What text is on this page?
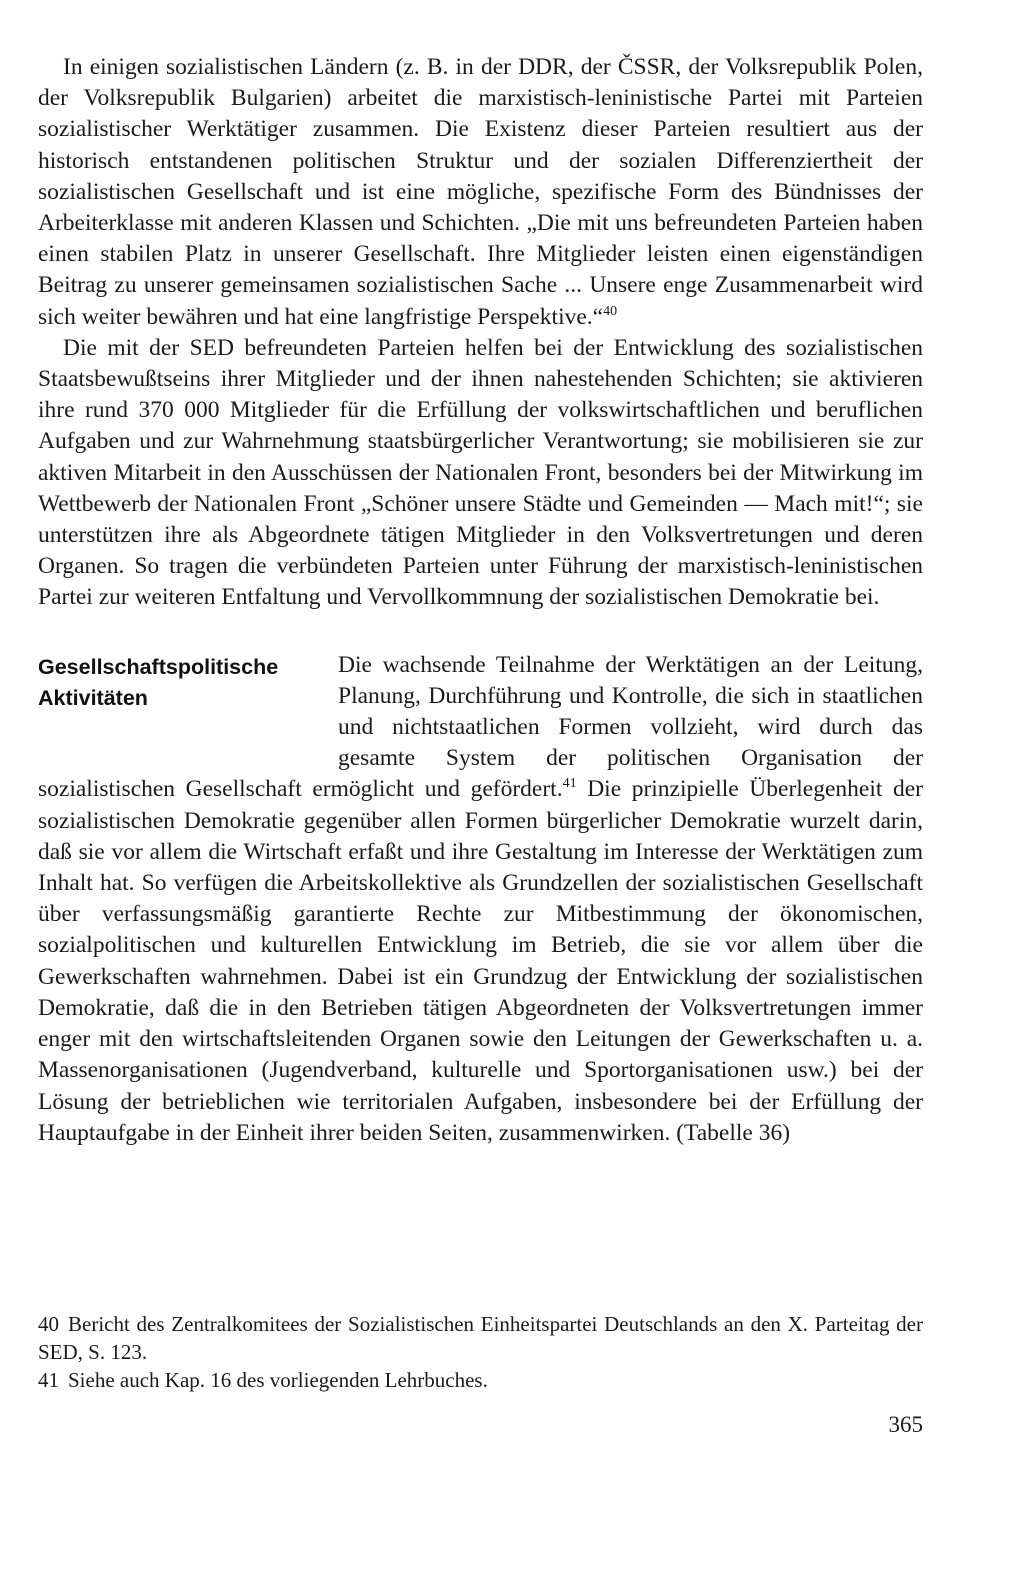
In einigen sozialistischen Ländern (z. B. in der DDR, der ČSSR, der Volksrepublik Polen, der Volksrepublik Bulgarien) arbeitet die marxistisch-leninistische Partei mit Parteien sozialistischer Werktätiger zusammen. Die Existenz dieser Parteien resultiert aus der historisch entstandenen politischen Struktur und der sozialen Differenziertheit der sozialistischen Gesellschaft und ist eine mögliche, spezifische Form des Bündnisses der Arbeiterklasse mit anderen Klassen und Schichten. „Die mit uns befreundeten Parteien haben einen stabilen Platz in unserer Gesellschaft. Ihre Mitglieder leisten einen eigenständigen Beitrag zu unserer gemeinsamen sozialistischen Sache ... Unsere enge Zusammenarbeit wird sich weiter bewähren und hat eine langfristige Perspektive.“$^{40}$

Die mit der SED befreundeten Parteien helfen bei der Entwicklung des sozialistischen Staatsbewußtseins ihrer Mitglieder und der ihnen nahestehenden Schichten; sie aktivieren ihre rund 370 000 Mitglieder für die Erfüllung der volkswirtschaftlichen und beruflichen Aufgaben und zur Wahrnehmung staatsbürgerlicher Verantwortung; sie mobilisieren sie zur aktiven Mitarbeit in den Ausschüssen der Nationalen Front, besonders bei der Mitwirkung im Wettbewerb der Nationalen Front „Schöner unsere Städte und Gemeinden — Mach mit!“; sie unterstützen ihre als Abgeordnete tätigen Mitglieder in den Volksvertretungen und deren Organen. So tragen die verbündeten Parteien unter Führung der marxistisch-leninistischen Partei zur weiteren Entfaltung und Vervollkommnung der sozialistischen Demokratie bei.

Gesellschaftspolitische
Aktivitäten

Die wachsende Teilnahme der Werktätigen an der Leitung, Planung, Durchführung und Kontrolle, die sich in staatlichen und nichtstaatlichen Formen vollzieht, wird durch das gesamte System der politischen Organisation der sozialistischen Gesellschaft ermöglicht und gefördert.$^{41}$ Die prinzipielle Überlegenheit der sozialistischen Demokratie gegenüber allen Formen bürgerlicher Demokratie wurzelt darin, daß sie vor allem die Wirtschaft erfaßt und ihre Gestaltung im Interesse der Werktätigen zum Inhalt hat. So verfügen die Arbeitskollektive als Grundzellen der sozialistischen Gesellschaft über verfassungsmäßig garantierte Rechte zur Mitbestimmung der ökonomischen, sozialpolitischen und kulturellen Entwicklung im Betrieb, die sie vor allem über die Gewerkschaften wahrnehmen. Dabei ist ein Grundzug der Entwicklung der sozialistischen Demokratie, daß die in den Betrieben tätigen Abgeordneten der Volksvertretungen immer enger mit den wirtschaftsleitenden Organen sowie den Leitungen der Gewerkschaften u. a. Massenorganisationen (Jugendverband, kulturelle und Sportorganisationen usw.) bei der Lösung der betrieblichen wie territorialen Aufgaben, insbesondere bei der Erfüllung der Hauptaufgabe in der Einheit ihrer beiden Seiten, zusammenwirken. (Tabelle 36)

40 Bericht des Zentralkomitees der Sozialistischen Einheitspartei Deutschlands an den X. Parteitag der SED, S. 123.

41 Siehe auch Kap. 16 des vorliegenden Lehrbuches.

365
